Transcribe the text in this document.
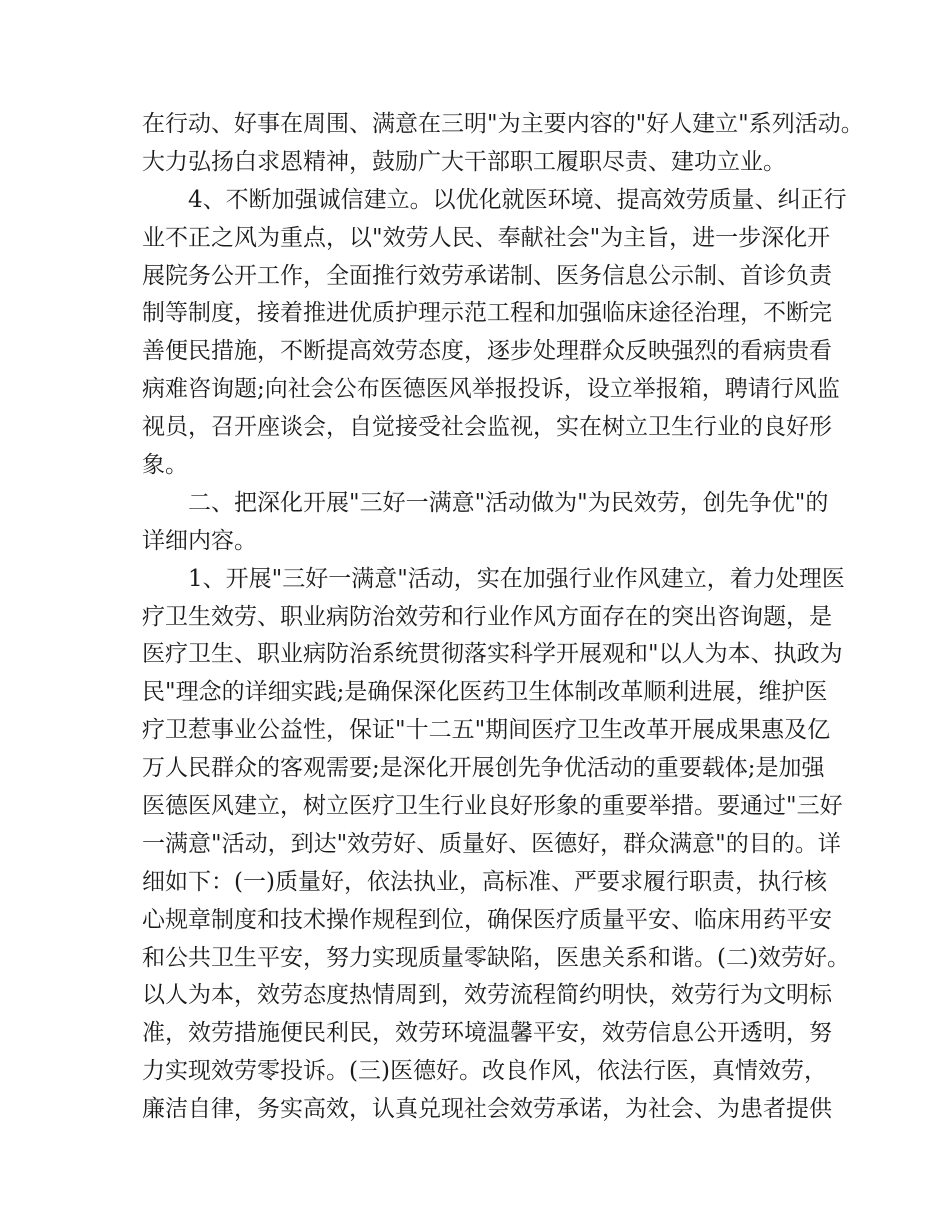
在行动、好事在周围、满意在三明"为主要内容的"好人建立"系列活动。
大力弘扬白求恩精神，鼓励广大干部职工履职尽责、建功立业。
4、不断加强诚信建立。以优化就医环境、提高效劳质量、纠正行
业不正之风为重点，以"效劳人民、奉献社会"为主旨，进一步深化开
展院务公开工作，全面推行效劳承诺制、医务信息公示制、首诊负责
制等制度，接着推进优质护理示范工程和加强临床途径治理，不断完
善便民措施，不断提高效劳态度，逐步处理群众反映强烈的看病贵看
病难咨询题;向社会公布医德医风举报投诉，设立举报箱，聘请行风监
视员，召开座谈会，自觉接受社会监视，实在树立卫生行业的良好形
象。
二、把深化开展"三好一满意"活动做为"为民效劳，创先争优"的
详细内容。
1、开展"三好一满意"活动，实在加强行业作风建立，着力处理医
疗卫生效劳、职业病防治效劳和行业作风方面存在的突出咨询题，是
医疗卫生、职业病防治系统贯彻落实科学开展观和"以人为本、执政为
民"理念的详细实践;是确保深化医药卫生体制改革顺利进展，维护医
疗卫惹事业公益性，保证"十二五"期间医疗卫生改革开展成果惠及亿
万人民群众的客观需要;是深化开展创先争优活动的重要载体;是加强
医德医风建立，树立医疗卫生行业良好形象的重要举措。要通过"三好
一满意"活动，到达"效劳好、质量好、医德好，群众满意"的目的。详
细如下：(一)质量好，依法执业，高标准、严要求履行职责，执行核
心规章制度和技术操作规程到位，确保医疗质量平安、临床用药平安
和公共卫生平安，努力实现质量零缺陷，医患关系和谐。(二)效劳好。
以人为本，效劳态度热情周到，效劳流程简约明快，效劳行为文明标
准，效劳措施便民利民，效劳环境温馨平安，效劳信息公开透明，努
力实现效劳零投诉。(三)医德好。改良作风，依法行医，真情效劳，
廉洁自律，务实高效，认真兑现社会效劳承诺，为社会、为患者提供
